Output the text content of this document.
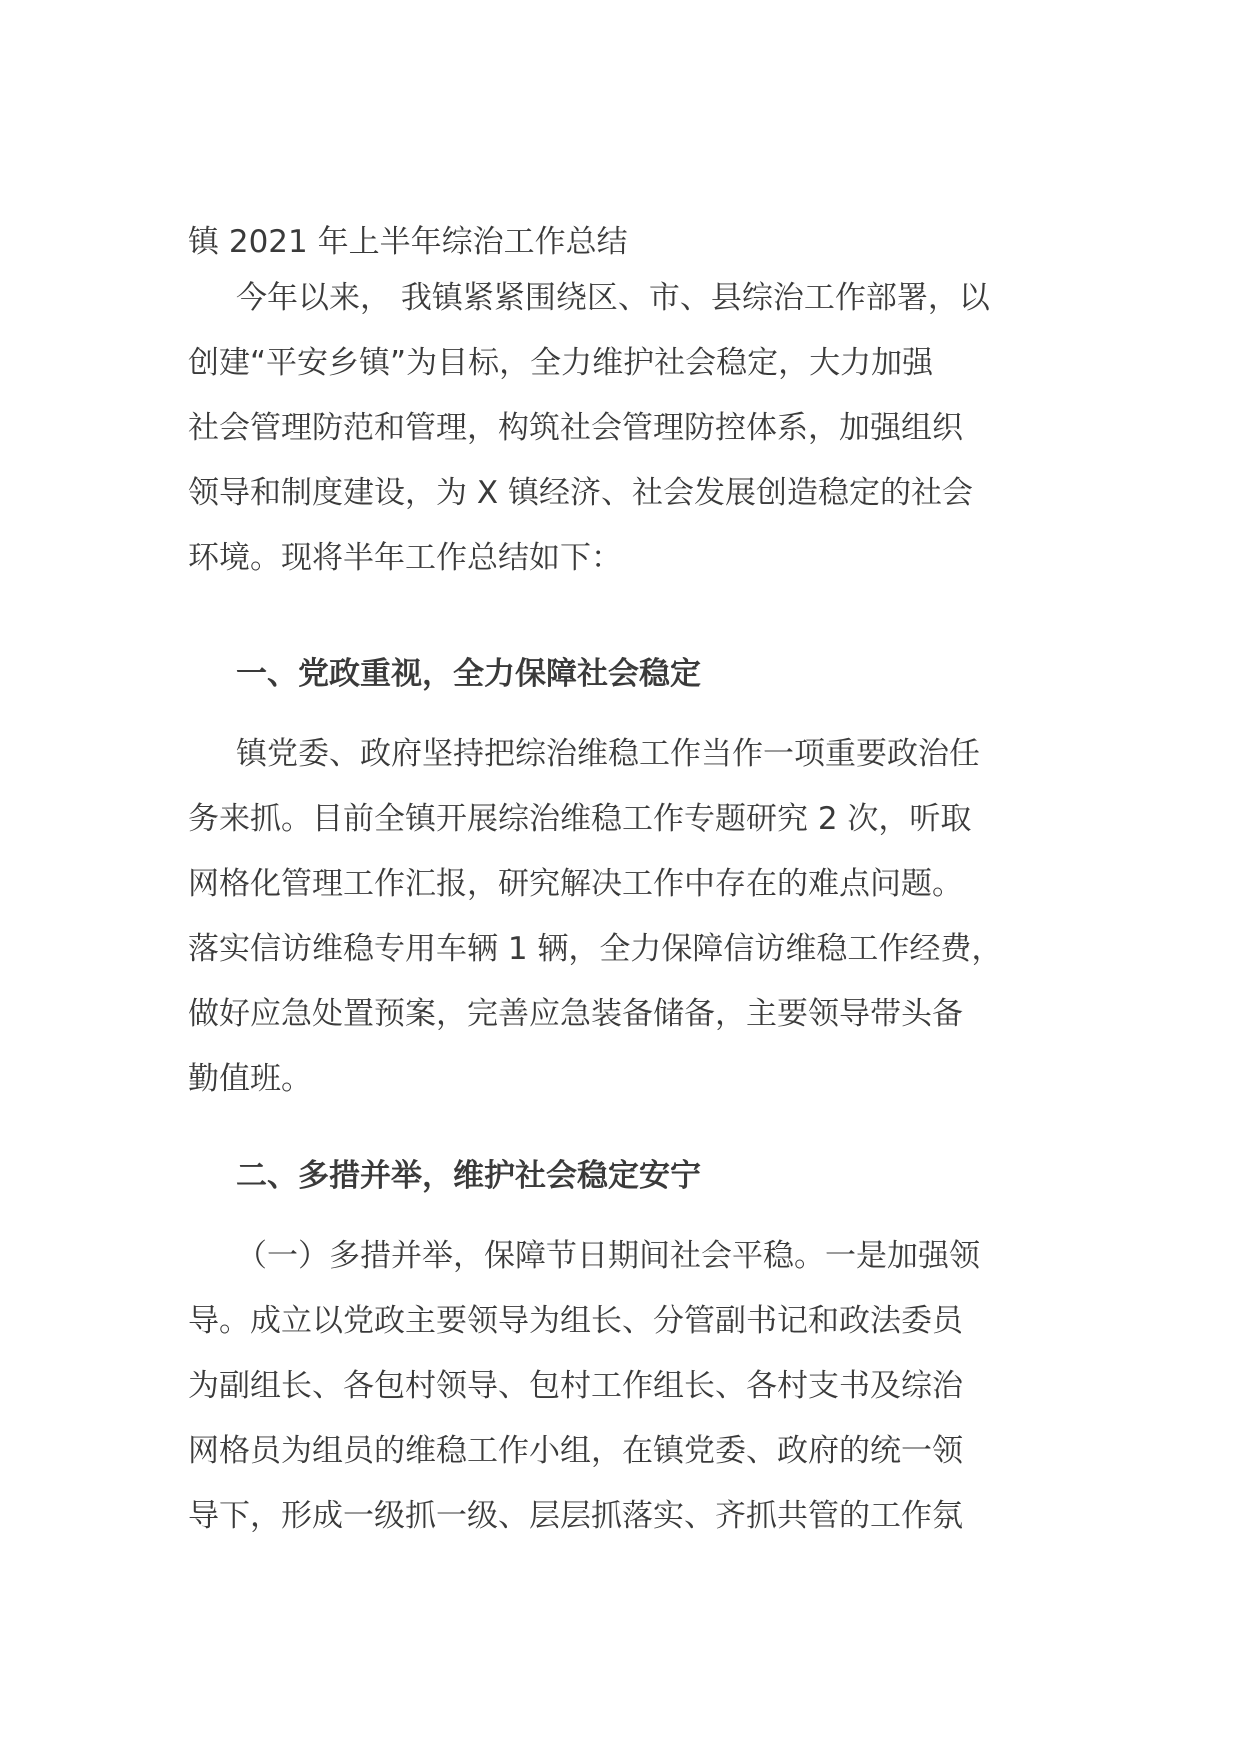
镇 2021 年上半年综治工作总结
今年以来， 我镇紧紧围绕区、市、县综治工作部署，以
创建“平安乡镇”为目标，全力维护社会稳定，大力加强
社会管理防范和管理，构筑社会管理防控体系，加强组织
领导和制度建设，为 X 镇经济、社会发展创造稳定的社会
环境。现将半年工作总结如下：
一、党政重视，全力保障社会稳定
镇党委、政府坚持把综治维稳工作当作一项重要政治任
务来抓。目前全镇开展综治维稳工作专题研究 2 次，听取
网格化管理工作汇报，研究解决工作中存在的难点问题。
落实信访维稳专用车辆 1 辆，全力保障信访维稳工作经费，
做好应急处置预案，完善应急装备储备，主要领导带头备
勤值班。
二、多措并举，维护社会稳定安宁
（一）多措并举，保障节日期间社会平稳。一是加强领
导。成立以党政主要领导为组长、分管副书记和政法委员
为副组长、各包村领导、包村工作组长、各村支书及综治
网格员为组员的维稳工作小组，在镇党委、政府的统一领
导下，形成一级抓一级、层层抓落实、齐抓共管的工作氛
